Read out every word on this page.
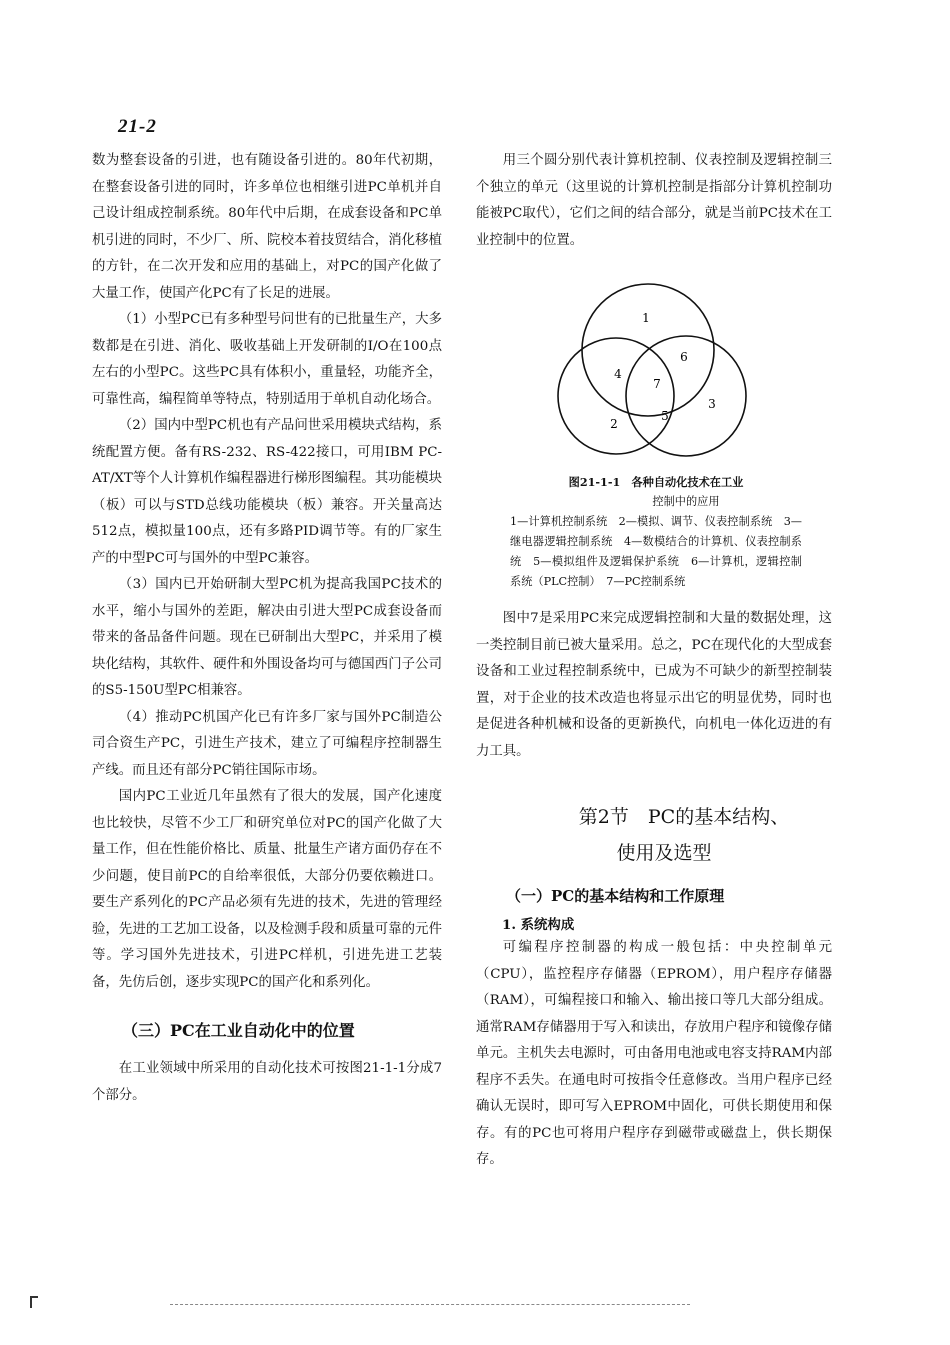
21-2

数为整套设备的引进，也有随设备引进的。80年代初期，在整套设备引进的同时，许多单位也相继引进PC单机并自己设计组成控制系统。80年代中后期，在成套设备和PC单机引进的同时，不少厂、所、院校本着技贸结合，消化移植的方针，在二次开发和应用的基础上，对PC的国产化做了大量工作，使国产化PC有了长足的进展。

（1）小型PC已有多种型号问世有的已批量生产，大多数都是在引进、消化、吸收基础上开发研制的I/O在100点左右的小型PC。这些PC具有体积小，重量轻，功能齐全，可靠性高，编程简单等特点，特别适用于单机自动化场合。

（2）国内中型PC机也有产品问世采用模块式结构，系统配置方便。备有RS-232、RS-422接口，可用IBM PC-AT/XT等个人计算机作编程器进行梯形图编程。其功能模块（板）可以与STD总线功能模块（板）兼容。开关量高达512点，模拟量100点，还有多路PID调节等。有的厂家生产的中型PC可与国外的中型PC兼容。

（3）国内已开始研制大型PC机为提高我国PC技术的水平，缩小与国外的差距，解决由引进大型PC成套设备而带来的备品备件问题。现在已研制出大型PC，并采用了模块化结构，其软件、硬件和外围设备均可与德国西门子公司的S5-150U型PC相兼容。

（4）推动PC机国产化已有许多厂家与国外PC制造公司合资生产PC，引进生产技术，建立了可编程序控制器生产线。而且还有部分PC销往国际市场。

国内PC工业近几年虽然有了很大的发展，国产化速度也比较快，尽管不少工厂和研究单位对PC的国产化做了大量工作，但在性能价格比、质量、批量生产诸方面仍存在不少问题，使目前PC的自给率很低，大部分仍要依赖进口。要生产系列化的PC产品必须有先进的技术，先进的管理经验，先进的工艺加工设备，以及检测手段和质量可靠的元件等。学习国外先进技术，引进PC样机，引进先进工艺装备，先仿后创，逐步实现PC的国产化和系列化。

（三）PC在工业自动化中的位置

在工业领域中所采用的自动化技术可按图21-1-1分成7个部分。

用三个圆分别代表计算机控制、仪表控制及逻辑控制三个独立的单元（这里说的计算机控制是指部分计算机控制功能被PC取代），它们之间的结合部分，就是当前PC技术在工业控制中的位置。

1
2
3
4
5
6
7
图21-1-1　各种自动化技术在工业
控制中的应用
1—计算机控制系统　2—模拟、调节、仪表控制系统　3—继电器逻辑控制系统　4—数模结合的计算机、仪表控制系统　5—模拟组件及逻辑保护系统　6—计算机，逻辑控制系统（PLC控制）　7—PC控制系统

图中7是采用PC来完成逻辑控制和大量的数据处理，这一类控制目前已被大量采用。总之，PC在现代化的大型成套设备和工业过程控制系统中，已成为不可缺少的新型控制装置，对于企业的技术改造也将显示出它的明显优势，同时也是促进各种机械和设备的更新换代，向机电一体化迈进的有力工具。

第2节　PC的基本结构、
使用及选型
（一）PC的基本结构和工作原理
1. 系统构成

可编程序控制器的构成一般包括：中央控制单元（CPU），监控程序存储器（EPROM），用户程序存储器（RAM），可编程接口和输入、输出接口等几大部分组成。通常RAM存储器用于写入和读出，存放用户程序和镜像存储单元。主机失去电源时，可由备用电池或电容支持RAM内部程序不丢失。在通电时可按指令任意修改。当用户程序已经确认无误时，即可写入EPROM中固化，可供长期使用和保存。有的PC也可将用户程序存到磁带或磁盘上，供长期保存。
